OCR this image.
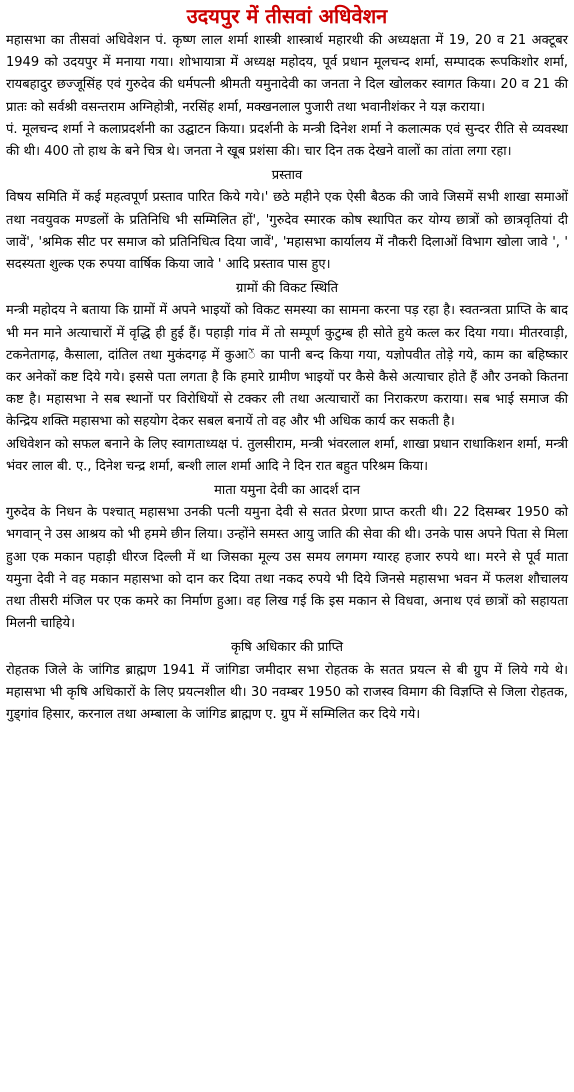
उदयपुर में तीसवां अधिवेशन

महासभा का तीसवां अधिवेशन पं. कृष्ण लाल शर्मा शास्त्री शास्त्रार्थ महारथी की अध्यक्षता में 19, 20 व 21 अक्टूबर 1949 को उदयपुर में मनाया गया। शोभायात्रा में अध्यक्ष महोदय, पूर्व प्रधान मूलचन्द शर्मा, सम्पादक रूपकिशोर शर्मा, रायबहादुर छज्जूसिंह एवं गुरुदेव की धर्मपत्नी श्रीमती यमुनादेवी का जनता ने दिल खोलकर स्वागत किया। 20 व 21 की प्रातः को सर्वश्री वसन्तराम अग्निहोत्री, नरसिंह शर्मा, मक्खनलाल पुजारी तथा भवानीशंकर ने यज्ञ कराया।

पं. मूलचन्द शर्मा ने कलाप्रदर्शनी का उद्घाटन किया। प्रदर्शनी के मन्त्री दिनेश शर्मा ने कलात्मक एवं सुन्दर रीति से व्यवस्था की थी। 400 तो हाथ के बने चित्र थे। जनता ने खूब प्रशंसा की। चार दिन तक देखने वालों का तांता लगा रहा।

प्रस्ताव

विषय समिति में कई महत्वपूर्ण प्रस्ताव पारित किये गये।' छठे महीने एक ऐसी बैठक की जावे जिसमें सभी शाखा समाओं तथा नवयुवक मण्डलों के प्रतिनिधि भी सम्मिलित हों', 'गुरुदेव स्मारक कोष स्थापित कर योग्य छात्रों को छात्रवृतियां दी जावें', 'श्रमिक सीट पर समाज को प्रतिनिधित्व दिया जावें', 'महासभा कार्यालय में नौकरी दिलाओं विभाग खोला जावे ', ' सदस्यता शुल्क एक रुपया वार्षिक किया जावे ' आदि प्रस्ताव पास हुए।

ग्रामों की विकट स्थिति

मन्त्री महोदय ने बताया कि ग्रामों में अपने भाइयों को विकट समस्या का सामना करना पड़ रहा है। स्वतन्त्रता प्राप्ति के बाद भी मन माने अत्याचारों में वृद्धि ही हुई हैं। पहाड़ी गांव में तो सम्पूर्ण कुटुम्ब ही सोते हुये कत्ल कर दिया गया। मीतरवाड़ी, टकनेतागढ़, कैसाला, दांतिल तथा मुकंदगढ़ में कुआें का पानी बन्द किया गया, यज्ञोपवीत तोड़े गये, काम का बहिष्कार कर अनेकों कष्ट दिये गये। इससे पता लगता है कि हमारे ग्रामीण भाइयों पर कैसे कैसे अत्याचार होते हैं और उनको कितना कष्ट है। महासभा ने सब स्थानों पर विरोधियों से टक्कर ली तथा अत्याचारों का निराकरण कराया। सब भाई समाज की केन्द्रिय शक्ति महासभा को सहयोग देकर सबल बनायें तो वह और भी अधिक कार्य कर सकती है।

अधिवेशन को सफल बनाने के लिए स्वागताध्यक्ष पं. तुलसीराम, मन्त्री भंवरलाल शर्मा, शाखा प्रधान राधाकिशन शर्मा, मन्त्री भंवर लाल बी. ए., दिनेश चन्द्र शर्मा, बन्शी लाल शर्मा आदि ने दिन रात बहुत परिश्रम किया।

माता यमुना देवी का आदर्श दान

गुरुदेव के निधन के पश्चात् महासभा उनकी पत्नी यमुना देवी से सतत प्रेरणा प्राप्त करती थी। 22 दिसम्बर 1950 को भगवान् ने उस आश्रय को भी हममे छीन लिया। उन्होंने समस्त आयु जाति की सेवा की थी। उनके पास अपने पिता से मिला हुआ एक मकान पहाड़ी धीरज दिल्ली में था जिसका मूल्य उस समय लगमग ग्यारह हजार रुपये था। मरने से पूर्व माता यमुना देवी ने वह मकान महासभा को दान कर दिया तथा नकद रुपये भी दिये जिनसे महासभा भवन में फलश शौचालय तथा तीसरी मंजिल पर एक कमरे का निर्माण हुआ। वह लिख गई कि इस मकान से विधवा, अनाथ एवं छात्रों को सहायता मिलनी चाहिये।

कृषि अधिकार की प्राप्ति

रोहतक जिले के जांगिड ब्राह्मण 1941 में जांगिडा जमीदार सभा रोहतक के सतत प्रयत्न से बी ग्रुप में लिये गये थे। महासभा भी कृषि अधिकारों के लिए प्रयत्नशील थी। 30 नवम्बर 1950 को राजस्व विमाग की विज्ञप्ति से जिला रोहतक, गुड्गांव हिसार, करनाल तथा अम्बाला के जांगिड ब्राह्मण ए. ग्रुप में सम्मिलित कर दिये गये।
